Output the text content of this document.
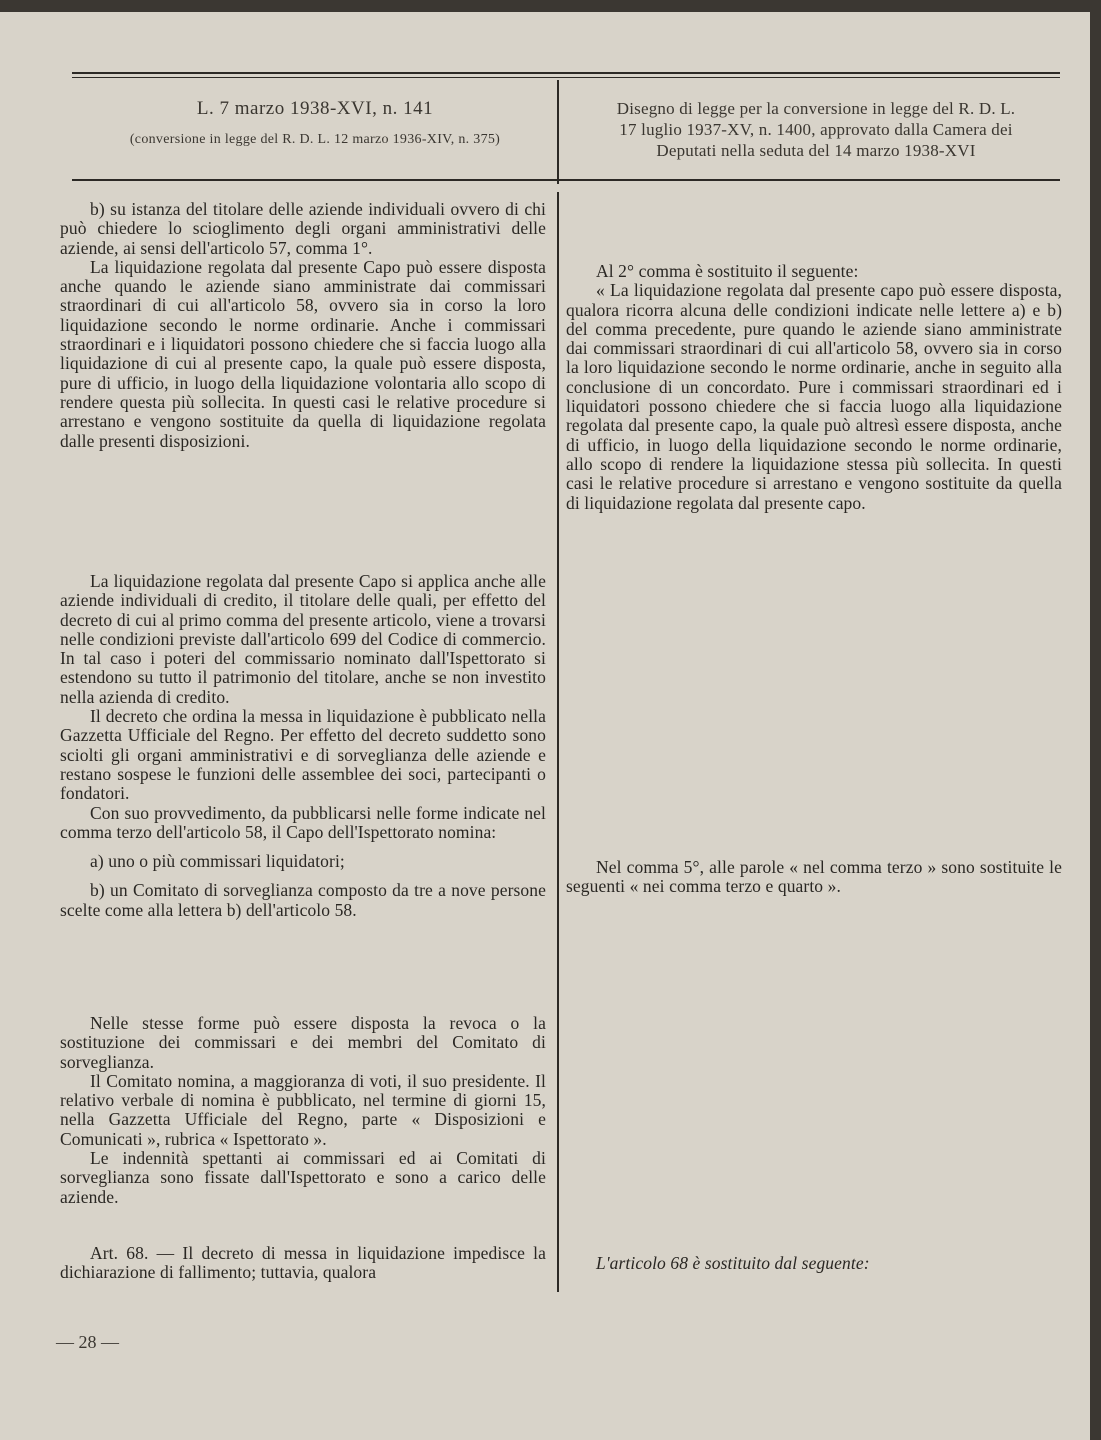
L. 7 marzo 1938-XVI, n. 141
(conversione in legge del R. D. L. 12 marzo 1936-XIV, n. 375)
Disegno di legge per la conversione in legge del R. D. L.
17 luglio 1937-XV, n. 1400, approvato dalla Camera dei
Deputati nella seduta del 14 marzo 1938-XVI

b) su istanza del titolare delle aziende individuali ovvero di chi può chiedere lo scioglimento degli organi amministrativi delle aziende, ai sensi dell'articolo 57, comma 1°.

La liquidazione regolata dal presente Capo può essere disposta anche quando le aziende siano amministrate dai commissari straordinari di cui all'articolo 58, ovvero sia in corso la loro liquidazione secondo le norme ordinarie. Anche i commissari straordinari e i liquidatori possono chiedere che si faccia luogo alla liquidazione di cui al presente capo, la quale può essere disposta, pure di ufficio, in luogo della liquidazione volontaria allo scopo di rendere questa più sollecita. In questi casi le relative procedure si arrestano e vengono sostituite da quella di liquidazione regolata dalle presenti disposizioni.

La liquidazione regolata dal presente Capo si applica anche alle aziende individuali di credito, il titolare delle quali, per effetto del decreto di cui al primo comma del presente articolo, viene a trovarsi nelle condizioni previste dall'articolo 699 del Codice di commercio. In tal caso i poteri del commissario nominato dall'Ispettorato si estendono su tutto il patrimonio del titolare, anche se non investito nella azienda di credito.

Il decreto che ordina la messa in liquidazione è pubblicato nella Gazzetta Ufficiale del Regno. Per effetto del decreto suddetto sono sciolti gli organi amministrativi e di sorveglianza delle aziende e restano sospese le funzioni delle assemblee dei soci, partecipanti o fondatori.

Con suo provvedimento, da pubblicarsi nelle forme indicate nel comma terzo dell'articolo 58, il Capo dell'Ispettorato nomina:

a) uno o più commissari liquidatori;

b) un Comitato di sorveglianza composto da tre a nove persone scelte come alla lettera b) dell'articolo 58.

Nelle stesse forme può essere disposta la revoca o la sostituzione dei commissari e dei membri del Comitato di sorveglianza.

Il Comitato nomina, a maggioranza di voti, il suo presidente. Il relativo verbale di nomina è pubblicato, nel termine di giorni 15, nella Gazzetta Ufficiale del Regno, parte « Disposizioni e Comunicati », rubrica « Ispettorato ».

Le indennità spettanti ai commissari ed ai Comitati di sorveglianza sono fissate dall'Ispettorato e sono a carico delle aziende.

Art. 68. — Il decreto di messa in liquidazione impedisce la dichiarazione di fallimento; tuttavia, qualora

Al 2° comma è sostituito il seguente:

« La liquidazione regolata dal presente capo può essere disposta, qualora ricorra alcuna delle condizioni indicate nelle lettere a) e b) del comma precedente, pure quando le aziende siano amministrate dai commissari straordinari di cui all'articolo 58, ovvero sia in corso la loro liquidazione secondo le norme ordinarie, anche in seguito alla conclusione di un concordato. Pure i commissari straordinari ed i liquidatori possono chiedere che si faccia luogo alla liquidazione regolata dal presente capo, la quale può altresì essere disposta, anche di ufficio, in luogo della liquidazione secondo le norme ordinarie, allo scopo di rendere la liquidazione stessa più sollecita. In questi casi le relative procedure si arrestano e vengono sostituite da quella di liquidazione regolata dal presente capo.

Nel comma 5°, alle parole « nel comma terzo » sono sostituite le seguenti « nei comma terzo e quarto ».

L'articolo 68 è sostituito dal seguente:

— 28 —
